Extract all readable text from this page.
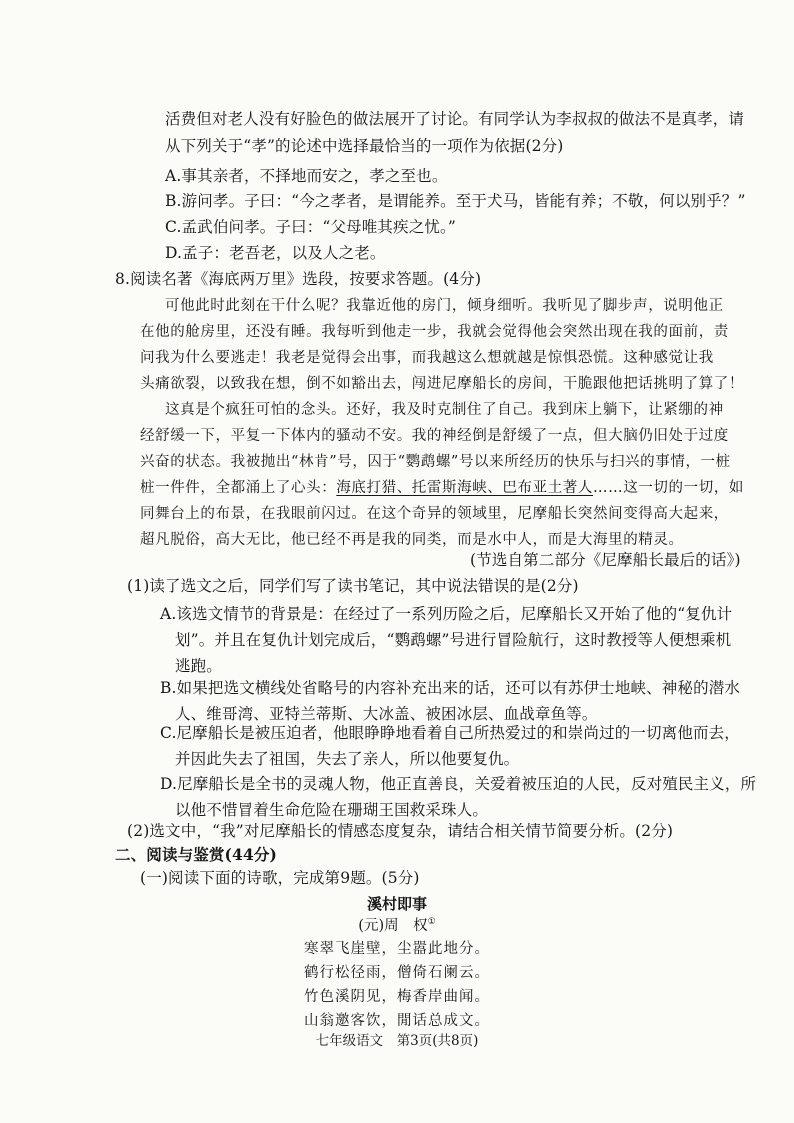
活费但对老人没有好脸色的做法展开了讨论。有同学认为李叔叔的做法不是真孝，请
从下列关于“孝”的论述中选择最恰当的一项作为依据(2分)
A.事其亲者，不择地而安之，孝之至也。
B.游问孝。子曰：“今之孝者，是谓能养。至于犬马，皆能有养；不敬，何以别乎？”
C.孟武伯问孝。子曰：“父母唯其疾之忧。”
D.孟子：老吾老，以及人之老。
8.阅读名著《海底两万里》选段，按要求答题。(4分)
可他此时此刻在干什么呢？我靠近他的房门，倾身细听。我听见了脚步声，说明他正
在他的舱房里，还没有睡。我每听到他走一步，我就会觉得他会突然出现在我的面前，责
问我为什么要逃走！我老是觉得会出事，而我越这么想就越是惊惧恐慌。这种感觉让我
头痛欲裂，以致我在想，倒不如豁出去，闯进尼摩船长的房间，干脆跟他把话挑明了算了！
这真是个疯狂可怕的念头。还好，我及时克制住了自己。我到床上躺下，让紧绷的神
经舒缓一下，平复一下体内的骚动不安。我的神经倒是舒缓了一点，但大脑仍旧处于过度
兴奋的状态。我被抛出“林肯”号，囚于“鹦鹉螺”号以来所经历的快乐与扫兴的事情，一桩
桩一件件，全都涌上了心头：海底打猎、托雷斯海峡、巴布亚土著人……这一切的一切，如
同舞台上的布景，在我眼前闪过。在这个奇异的领域里，尼摩船长突然间变得高大起来，
超凡脱俗，高大无比，他已经不再是我的同类，而是水中人，而是大海里的精灵。
(节选自第二部分《尼摩船长最后的话》)
(1)读了选文之后，同学们写了读书笔记，其中说法错误的是(2分)
A.该选文情节的背景是：在经过了一系列历险之后，尼摩船长又开始了他的“复仇计
划”。并且在复仇计划完成后，“鹦鹉螺”号进行冒险航行，这时教授等人便想乘机
逃跑。
B.如果把选文横线处省略号的内容补充出来的话，还可以有苏伊士地峡、神秘的潜水
人、维哥湾、亚特兰蒂斯、大冰盖、被困冰层、血战章鱼等。
C.尼摩船长是被压迫者，他眼睁睁地看着自己所热爱过的和崇尚过的一切离他而去，
并因此失去了祖国，失去了亲人，所以他要复仇。
D.尼摩船长是全书的灵魂人物，他正直善良，关爱着被压迫的人民，反对殖民主义，所
以他不惜冒着生命危险在珊瑚王国救采珠人。
(2)选文中，“我”对尼摩船长的情感态度复杂，请结合相关情节简要分析。(2分)
二、阅读与鉴赏(44分)
(一)阅读下面的诗歌，完成第9题。(5分)
溪村即事
(元)周　权①
寒翠飞崖壁，尘嚣此地分。
鹤行松径雨，僧倚石阑云。
竹色溪阴见，梅香岸曲闻。
山翁邀客饮，閒话总成文。
七年级语文　第3页(共8页)
